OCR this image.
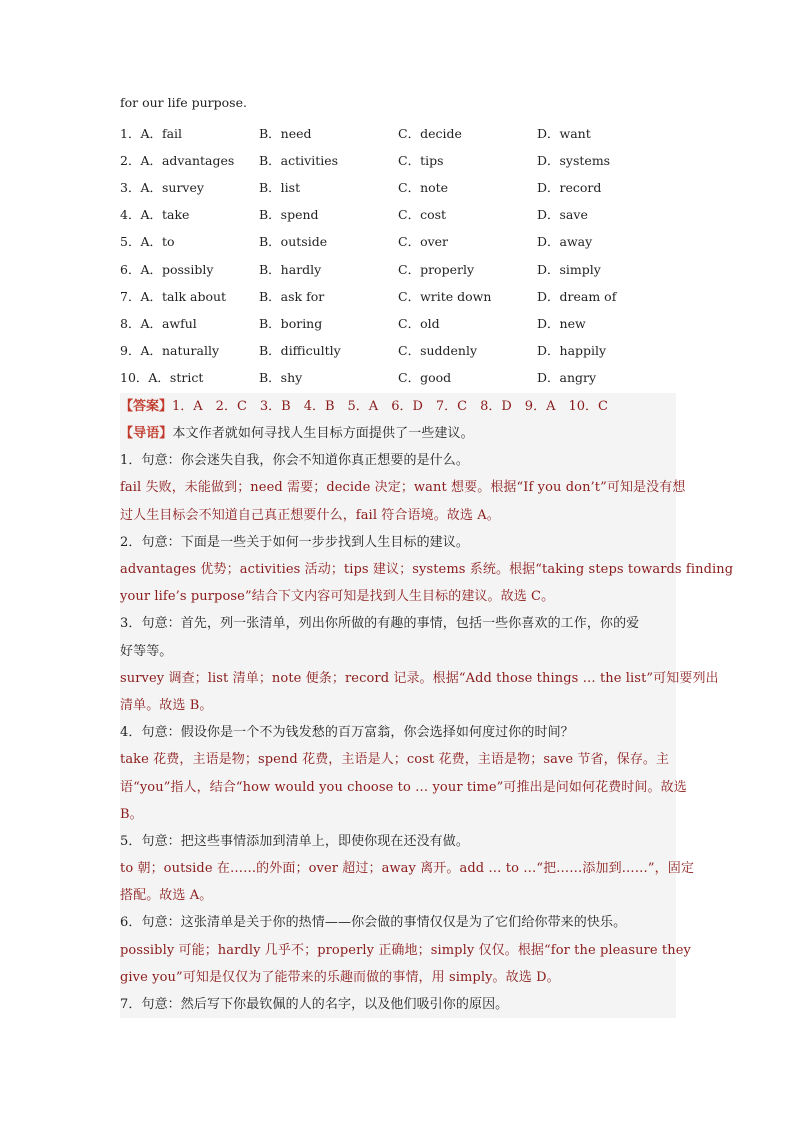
for our life purpose.
1．A．fail	B．need	C．decide	D．want
2．A．advantages	B．activities	C．tips	D．systems
3．A．survey	B．list	C．note	D．record
4．A．take	B．spend	C．cost	D．save
5．A．to	B．outside	C．over	D．away
6．A．possibly	B．hardly	C．properly	D．simply
7．A．talk about	B．ask for	C．write down	D．dream of
8．A．awful	B．boring	C．old	D．new
9．A．naturally	B．difficultly	C．suddenly	D．happily
10．A．strict	B．shy	C．good	D．angry
【答案】1．A　2．C　3．B　4．B　5．A　6．D　7．C　8．D　9．A　10．C
【导语】本文作者就如何寻找人生目标方面提供了一些建议。
1．句意：你会迷失自我，你会不知道你真正想要的是什么。
fail 失败，未能做到；need 需要；decide 决定；want 想要。根据“If you don’t”可知是没有想
过人生目标会不知道自己真正想要什么，fail 符合语境。故选 A。
2．句意：下面是一些关于如何一步步找到人生目标的建议。
advantages 优势；activities 活动；tips 建议；systems 系统。根据“taking steps towards finding
your life’s purpose”结合下文内容可知是找到人生目标的建议。故选 C。
3．句意：首先，列一张清单，列出你所做的有趣的事情，包括一些你喜欢的工作，你的爱
好等等。
survey 调查；list 清单；note 便条；record 记录。根据“Add those things … the list”可知要列出
清单。故选 B。
4．句意：假设你是一个不为钱发愁的百万富翁，你会选择如何度过你的时间？
take 花费，主语是物；spend 花费，主语是人；cost 花费，主语是物；save 节省，保存。主
语“you”指人，结合“how would you choose to … your time”可推出是问如何花费时间。故选
B。
5．句意：把这些事情添加到清单上，即使你现在还没有做。
to 朝；outside 在……的外面；over 超过；away 离开。add … to …“把……添加到……”，固定
搭配。故选 A。
6．句意：这张清单是关于你的热情——你会做的事情仅仅是为了它们给你带来的快乐。
possibly 可能；hardly 几乎不；properly 正确地；simply 仅仅。根据“for the pleasure they
give you”可知是仅仅为了能带来的乐趣而做的事情，用 simply。故选 D。
7．句意：然后写下你最钦佩的人的名字，以及他们吸引你的原因。
